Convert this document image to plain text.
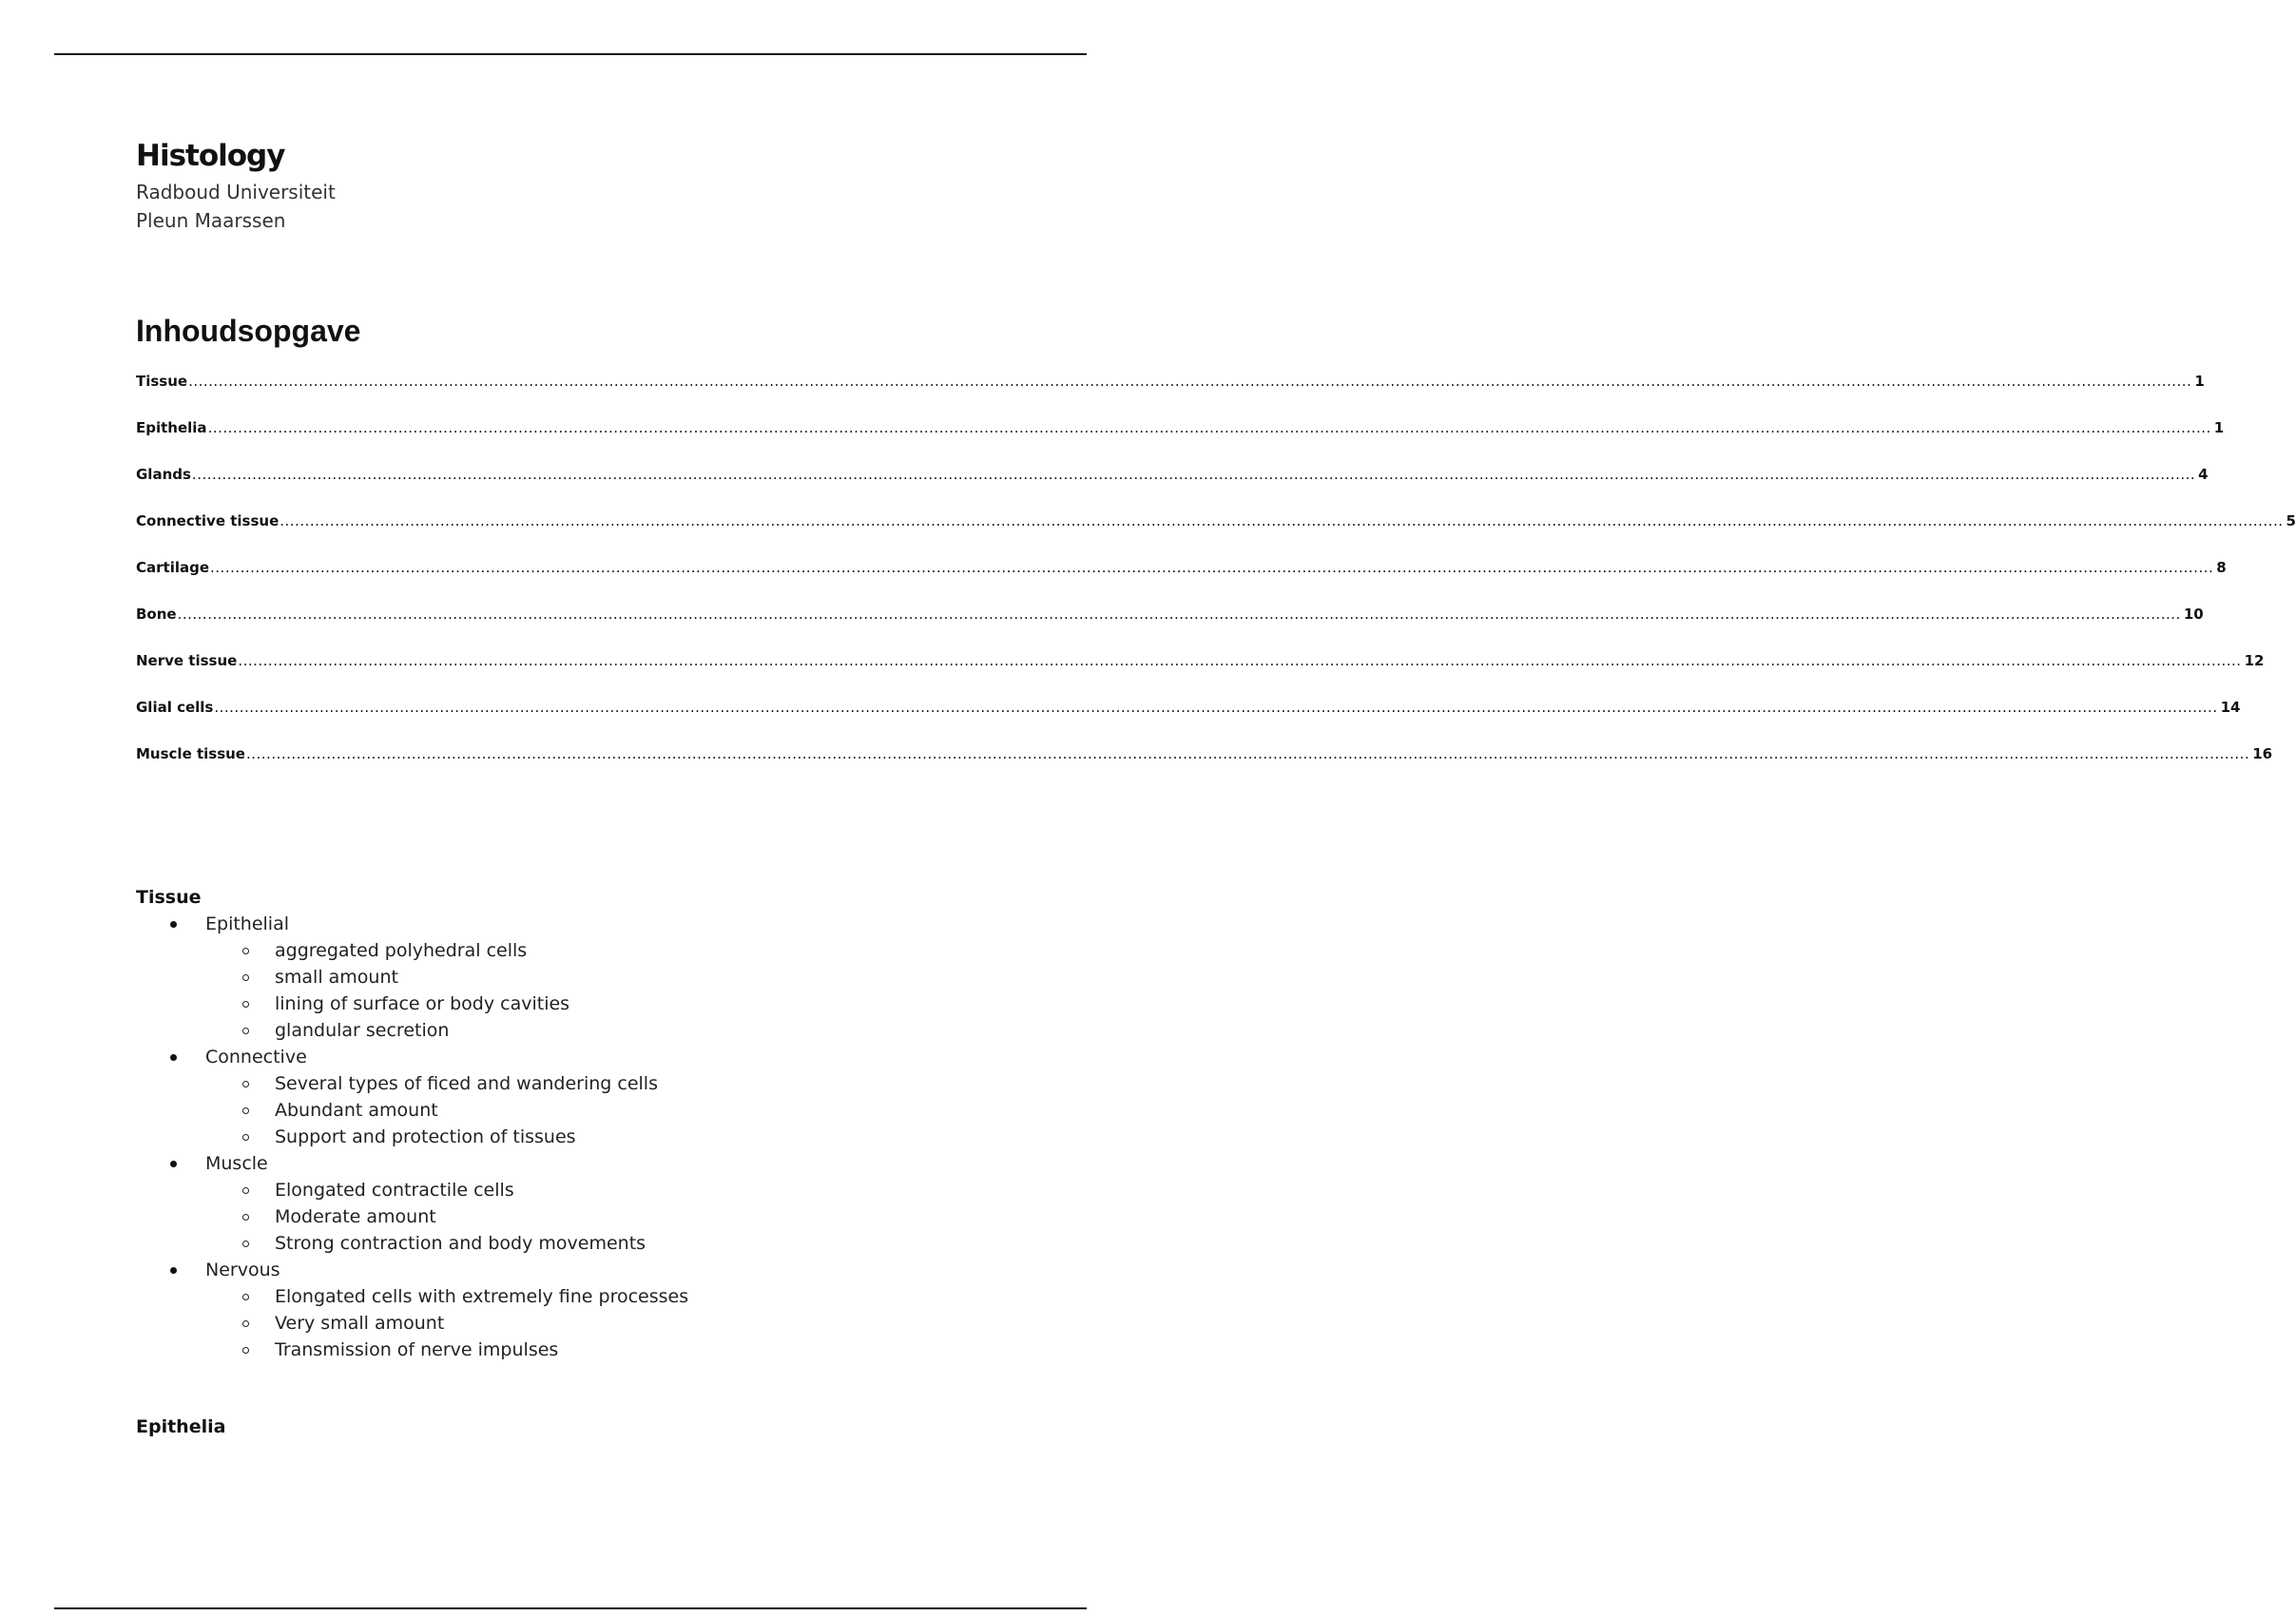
Histology
Radboud Universiteit
Pleun Maarssen
Inhoudsopgave
Tissue ................................................................................................................................................................................................................................................................................................................................................................................................................ 1
Epithelia ................................................................................................................................................................................................................................................................................................................................................................................................................ 1
Glands ................................................................................................................................................................................................................................................................................................................................................................................................................ 4
Connective tissue ................................................................................................................................................................................................................................................................................................................................................................................................................ 5
Cartilage ................................................................................................................................................................................................................................................................................................................................................................................................................ 8
Bone ................................................................................................................................................................................................................................................................................................................................................................................................................ 10
Nerve tissue ................................................................................................................................................................................................................................................................................................................................................................................................................ 12
Glial cells ................................................................................................................................................................................................................................................................................................................................................................................................................ 14
Muscle tissue ................................................................................................................................................................................................................................................................................................................................................................................................................ 16
Tissue
Epithelial
aggregated polyhedral cells
small amount
lining of surface or body cavities
glandular secretion
Connective
Several types of ficed and wandering cells
Abundant amount
Support and protection of tissues
Muscle
Elongated contractile cells
Moderate amount
Strong contraction and body movements
Nervous
Elongated cells with extremely fine processes
Very small amount
Transmission of nerve impulses
Epithelia
